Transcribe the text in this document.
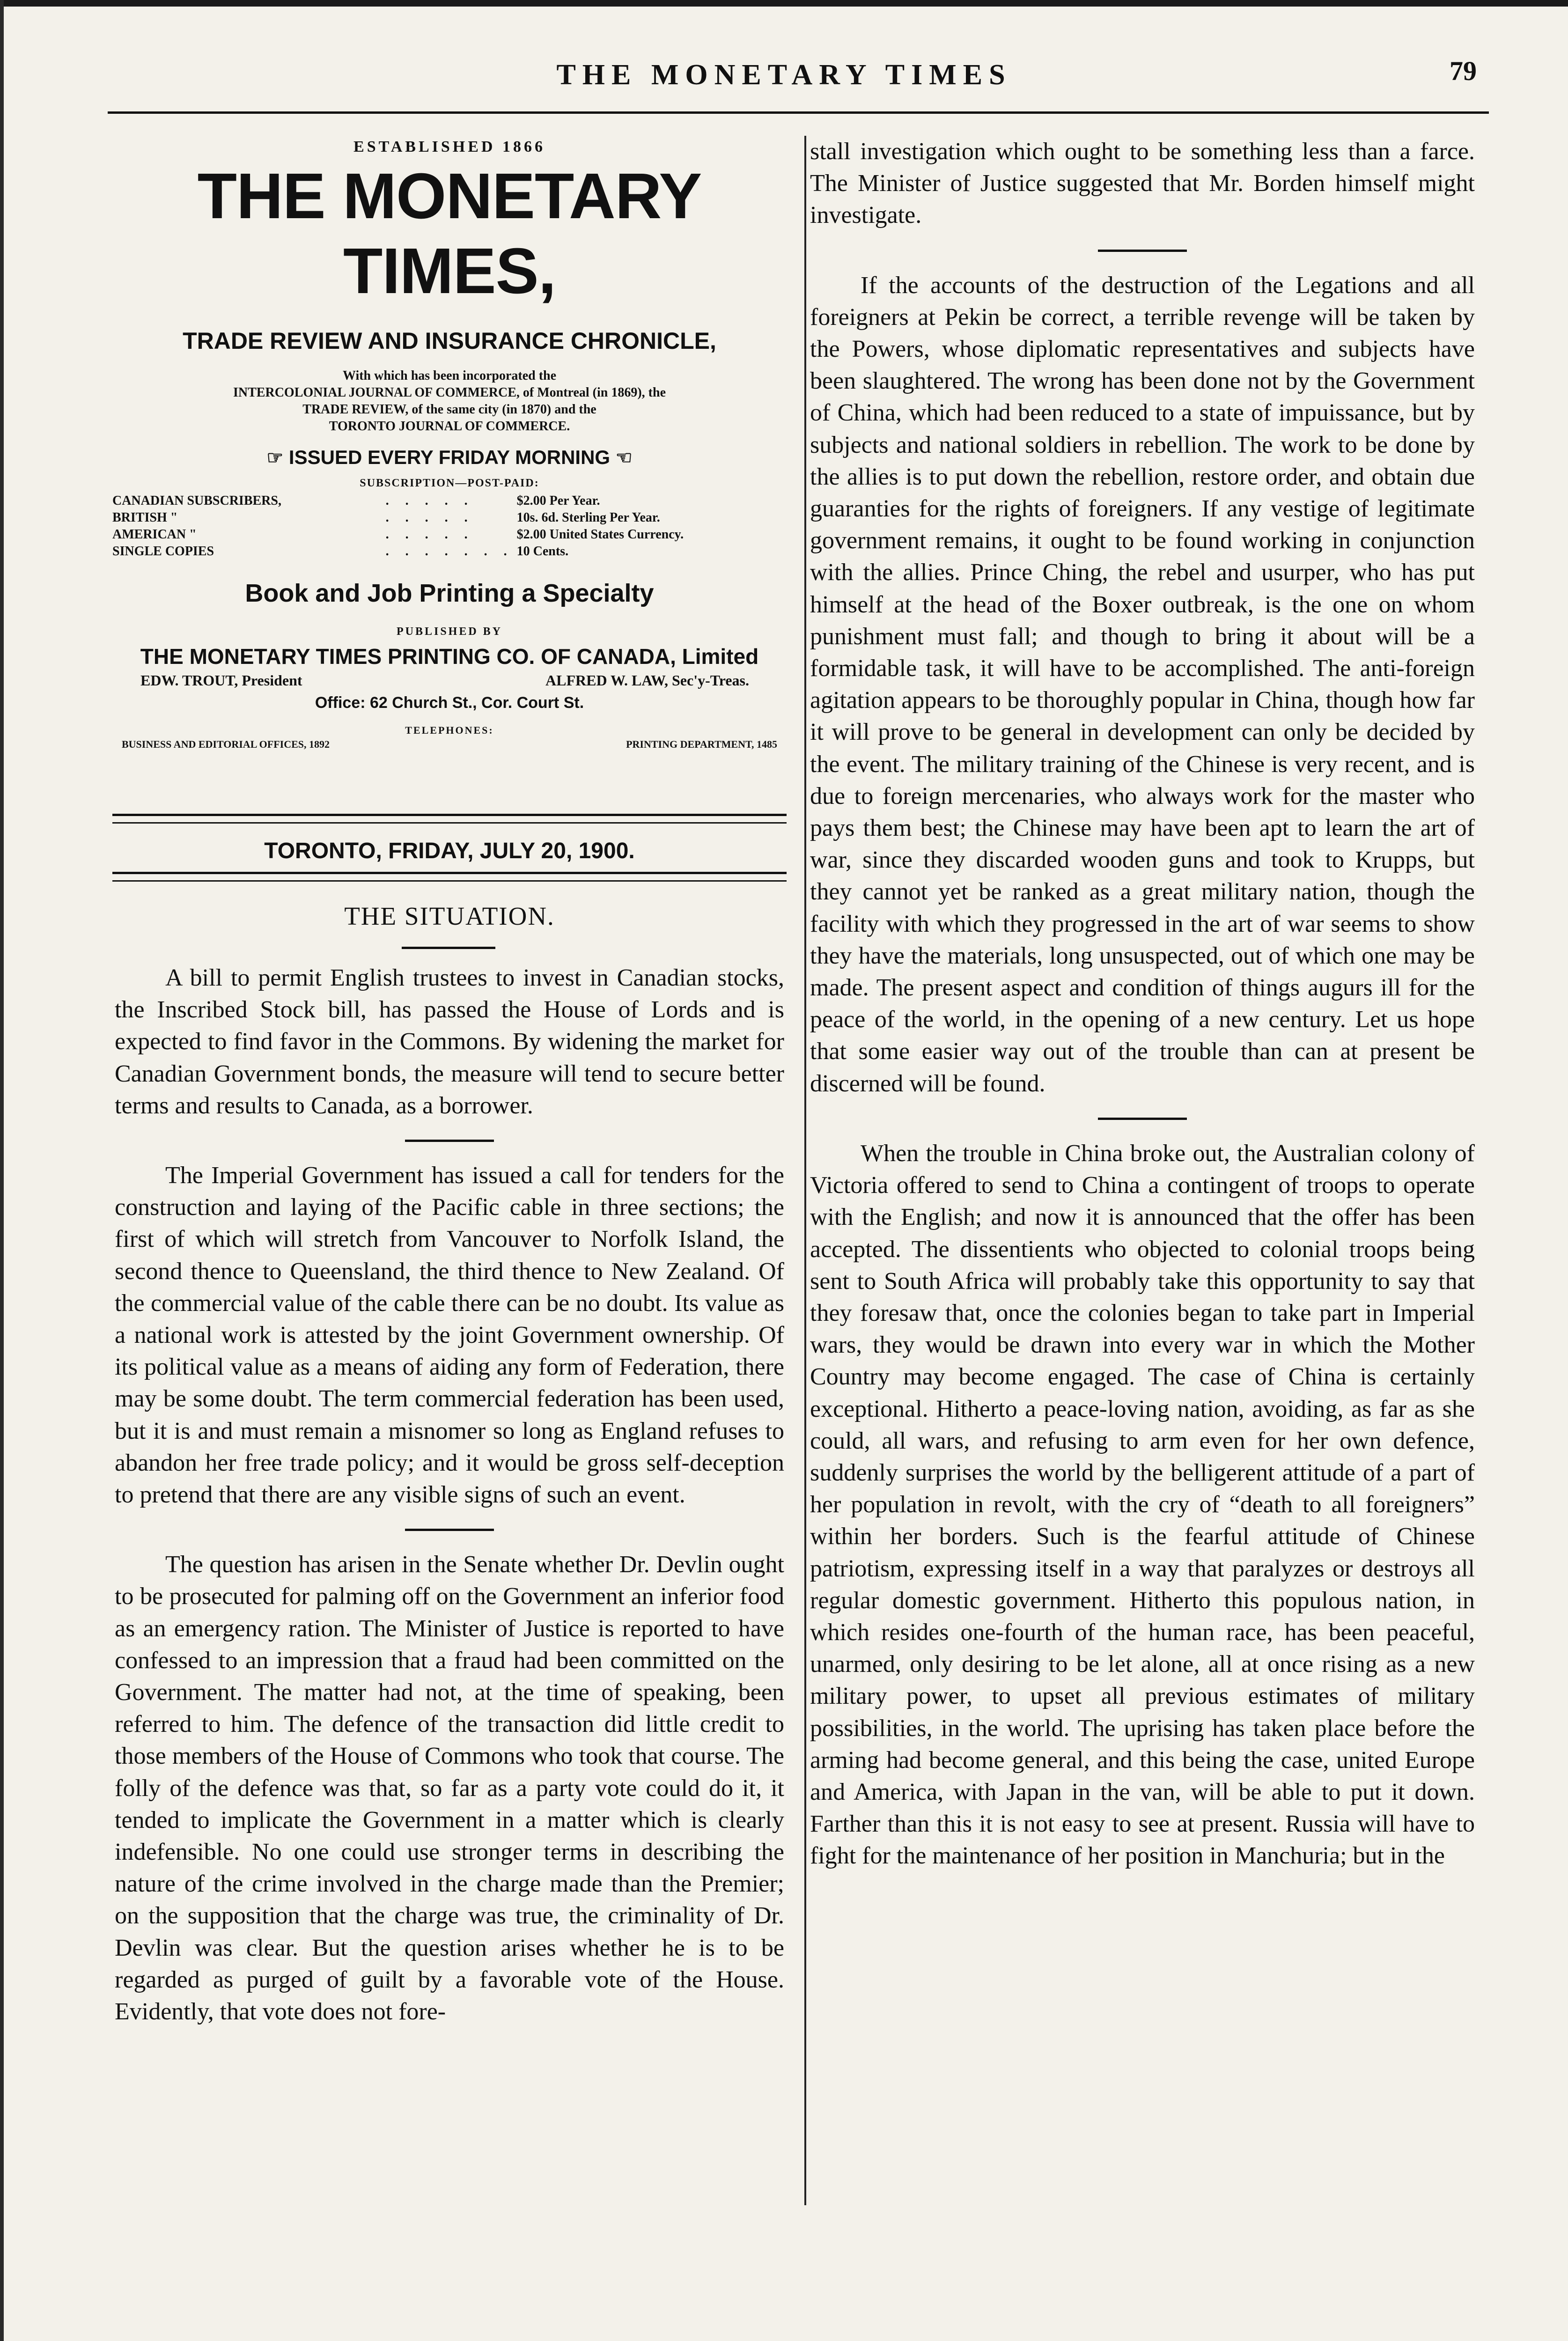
THE MONETARY TIMES	79
ESTABLISHED 1866
THE MONETARY TIMES,
TRADE REVIEW AND INSURANCE CHRONICLE,
With which has been incorporated the
INTERCOLONIAL JOURNAL OF COMMERCE, of Montreal (in 1869), the
TRADE REVIEW, of the same city (in 1870) and the
TORONTO JOURNAL OF COMMERCE.
☞ ISSUED EVERY FRIDAY MORNING ☜
SUBSCRIPTION—POST-PAID:
CANADIAN SUBSCRIBERS,	. . . . .	$2.00 Per Year.
BRITISH "	. . . . .	10s. 6d. Sterling Per Year.
AMERICAN "	. . . . .	$2.00 United States Currency.
SINGLE COPIES	. . . . . . .	10 Cents.
Book and Job Printing a Specialty
PUBLISHED BY
THE MONETARY TIMES PRINTING CO. OF CANADA, Limited
EDW. TROUT, President	ALFRED W. LAW, Sec'y-Treas.
Office: 62 Church St., Cor. Court St.
TELEPHONES:
BUSINESS AND EDITORIAL OFFICES, 1892	PRINTING DEPARTMENT, 1485
TORONTO, FRIDAY, JULY 20, 1900.
THE SITUATION.

A bill to permit English trustees to invest in Canadian stocks, the Inscribed Stock bill, has passed the House of Lords and is expected to find favor in the Commons. By widening the market for Canadian Government bonds, the measure will tend to secure better terms and results to Canada, as a borrower.

The Imperial Government has issued a call for tenders for the construction and laying of the Pacific cable in three sections; the first of which will stretch from Vancouver to Norfolk Island, the second thence to Queensland, the third thence to New Zealand. Of the commercial value of the cable there can be no doubt. Its value as a national work is attested by the joint Government ownership. Of its political value as a means of aiding any form of Federation, there may be some doubt. The term commercial federation has been used, but it is and must remain a misnomer so long as England refuses to abandon her free trade policy; and it would be gross self-deception to pretend that there are any visible signs of such an event.

The question has arisen in the Senate whether Dr. Devlin ought to be prosecuted for palming off on the Government an inferior food as an emergency ration. The Minister of Justice is reported to have confessed to an impression that a fraud had been committed on the Government. The matter had not, at the time of speaking, been referred to him. The defence of the transaction did little credit to those members of the House of Commons who took that course. The folly of the defence was that, so far as a party vote could do it, it tended to implicate the Government in a matter which is clearly indefensible. No one could use stronger terms in describing the nature of the crime involved in the charge made than the Premier; on the supposition that the charge was true, the criminality of Dr. Devlin was clear. But the question arises whether he is to be regarded as purged of guilt by a favorable vote of the House. Evidently, that vote does not fore-

stall investigation which ought to be something less than a farce. The Minister of Justice suggested that Mr. Borden himself might investigate.

If the accounts of the destruction of the Legations and all foreigners at Pekin be correct, a terrible revenge will be taken by the Powers, whose diplomatic representatives and subjects have been slaughtered. The wrong has been done not by the Government of China, which had been reduced to a state of impuissance, but by subjects and national soldiers in rebellion. The work to be done by the allies is to put down the rebellion, restore order, and obtain due guaranties for the rights of foreigners. If any vestige of legitimate government remains, it ought to be found working in conjunction with the allies. Prince Ching, the rebel and usurper, who has put himself at the head of the Boxer outbreak, is the one on whom punishment must fall; and though to bring it about will be a formidable task, it will have to be accomplished. The anti-foreign agitation appears to be thoroughly popular in China, though how far it will prove to be general in development can only be decided by the event. The military training of the Chinese is very recent, and is due to foreign mercenaries, who always work for the master who pays them best; the Chinese may have been apt to learn the art of war, since they discarded wooden guns and took to Krupps, but they cannot yet be ranked as a great military nation, though the facility with which they progressed in the art of war seems to show they have the materials, long unsuspected, out of which one may be made. The present aspect and condition of things augurs ill for the peace of the world, in the opening of a new century. Let us hope that some easier way out of the trouble than can at present be discerned will be found.

When the trouble in China broke out, the Australian colony of Victoria offered to send to China a contingent of troops to operate with the English; and now it is announced that the offer has been accepted. The dissentients who objected to colonial troops being sent to South Africa will probably take this opportunity to say that they foresaw that, once the colonies began to take part in Imperial wars, they would be drawn into every war in which the Mother Country may become engaged. The case of China is certainly exceptional. Hitherto a peace-loving nation, avoiding, as far as she could, all wars, and refusing to arm even for her own defence, suddenly surprises the world by the belligerent attitude of a part of her population in revolt, with the cry of “death to all foreigners” within her borders. Such is the fearful attitude of Chinese patriotism, expressing itself in a way that paralyzes or destroys all regular domestic government. Hitherto this populous nation, in which resides one-fourth of the human race, has been peaceful, unarmed, only desiring to be let alone, all at once rising as a new military power, to upset all previous estimates of military possibilities, in the world. The uprising has taken place before the arming had become general, and this being the case, united Europe and America, with Japan in the van, will be able to put it down. Farther than this it is not easy to see at present. Russia will have to fight for the maintenance of her position in Manchuria; but in the
